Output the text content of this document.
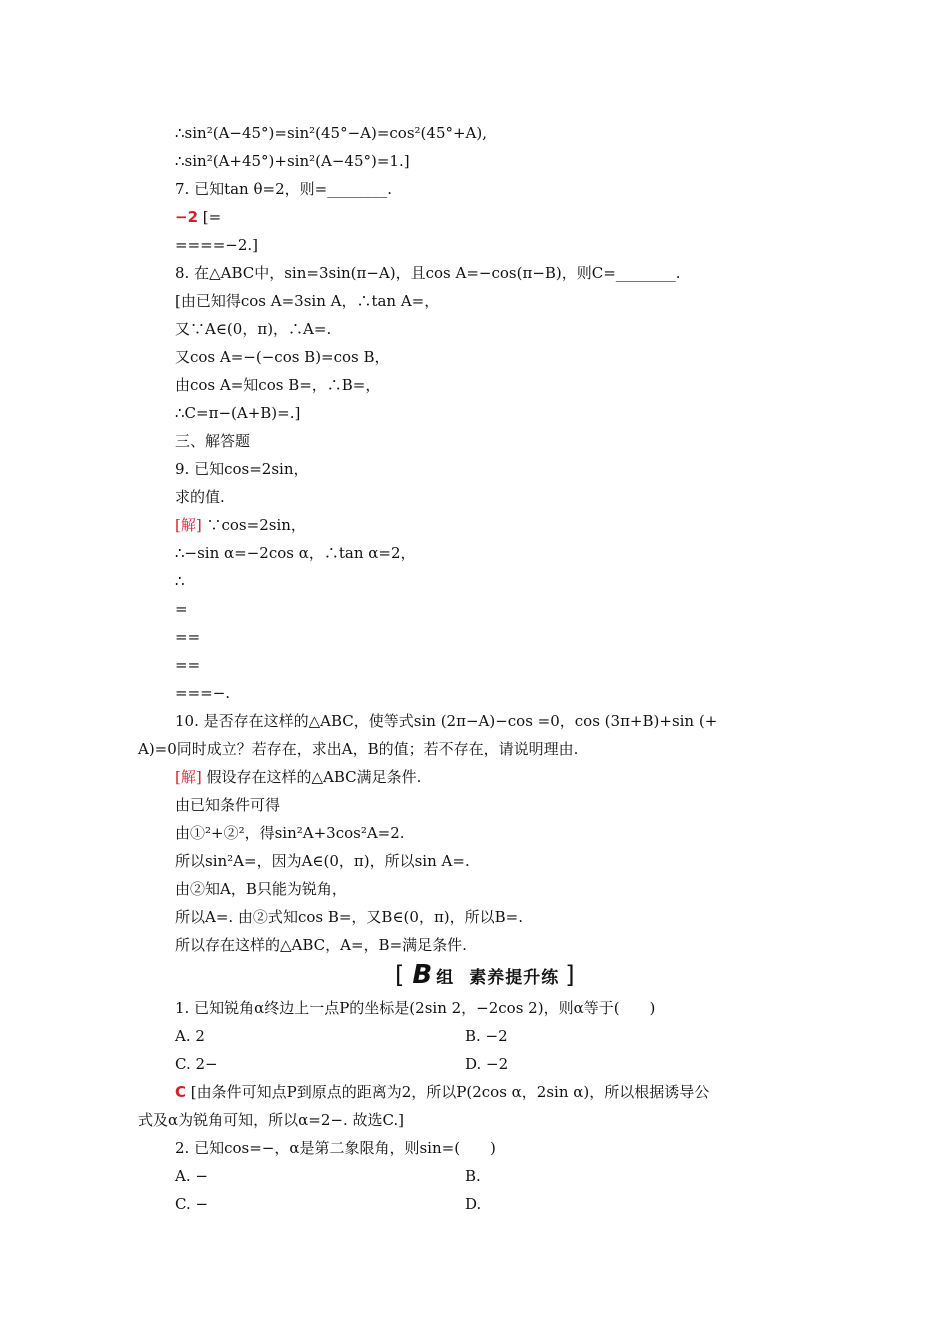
∴sin²(A−45°)=sin²(45°−A)=cos²(45°+A),
∴sin²(A+45°)+sin²(A−45°)=1.]
7. 已知tan θ=2，则=________.
−2 [=
====−2.]
8. 在△ABC中，sin=3sin(π−A)，且cos A=−cos(π−B)，则C=________.
[由已知得cos A=3sin A，∴tan A=，
又∵A∈(0，π)，∴A=.
又cos A=−(−cos B)=cos B，
由cos A=知cos B=，∴B=，
∴C=π−(A+B)=.]
三、解答题
9. 已知cos=2sin，
求的值.
[解] ∵cos=2sin，
∴−sin α=−2cos α，∴tan α=2，
∴
=
==
==
===−.
10. 是否存在这样的△ABC，使等式sin (2π−A)−cos =0，cos (3π+B)+sin (+
A)=0同时成立？若存在，求出A，B的值；若不存在，请说明理由.
[解] 假设存在这样的△ABC满足条件.
由已知条件可得
由①²+②²，得sin²A+3cos²A=2.
所以sin²A=，因为A∈(0，π)，所以sin A=.
由②知A，B只能为锐角，
所以A=. 由②式知cos B=，又B∈(0，π)，所以B=.
所以存在这样的△ABC，A=，B=满足条件.
[ B 组 素养提升练 ]
1. 已知锐角α终边上一点P的坐标是(2sin 2，−2cos 2)，则α等于(　　)
A. 2	B. −2
C. 2−	D. −2
C [由条件可知点P到原点的距离为2，所以P(2cos α，2sin α)，所以根据诱导公
式及α为锐角可知，所以α=2−. 故选C.]
2. 已知cos=−，α是第二象限角，则sin=(　　)
A. −	B.
C. −	D.
